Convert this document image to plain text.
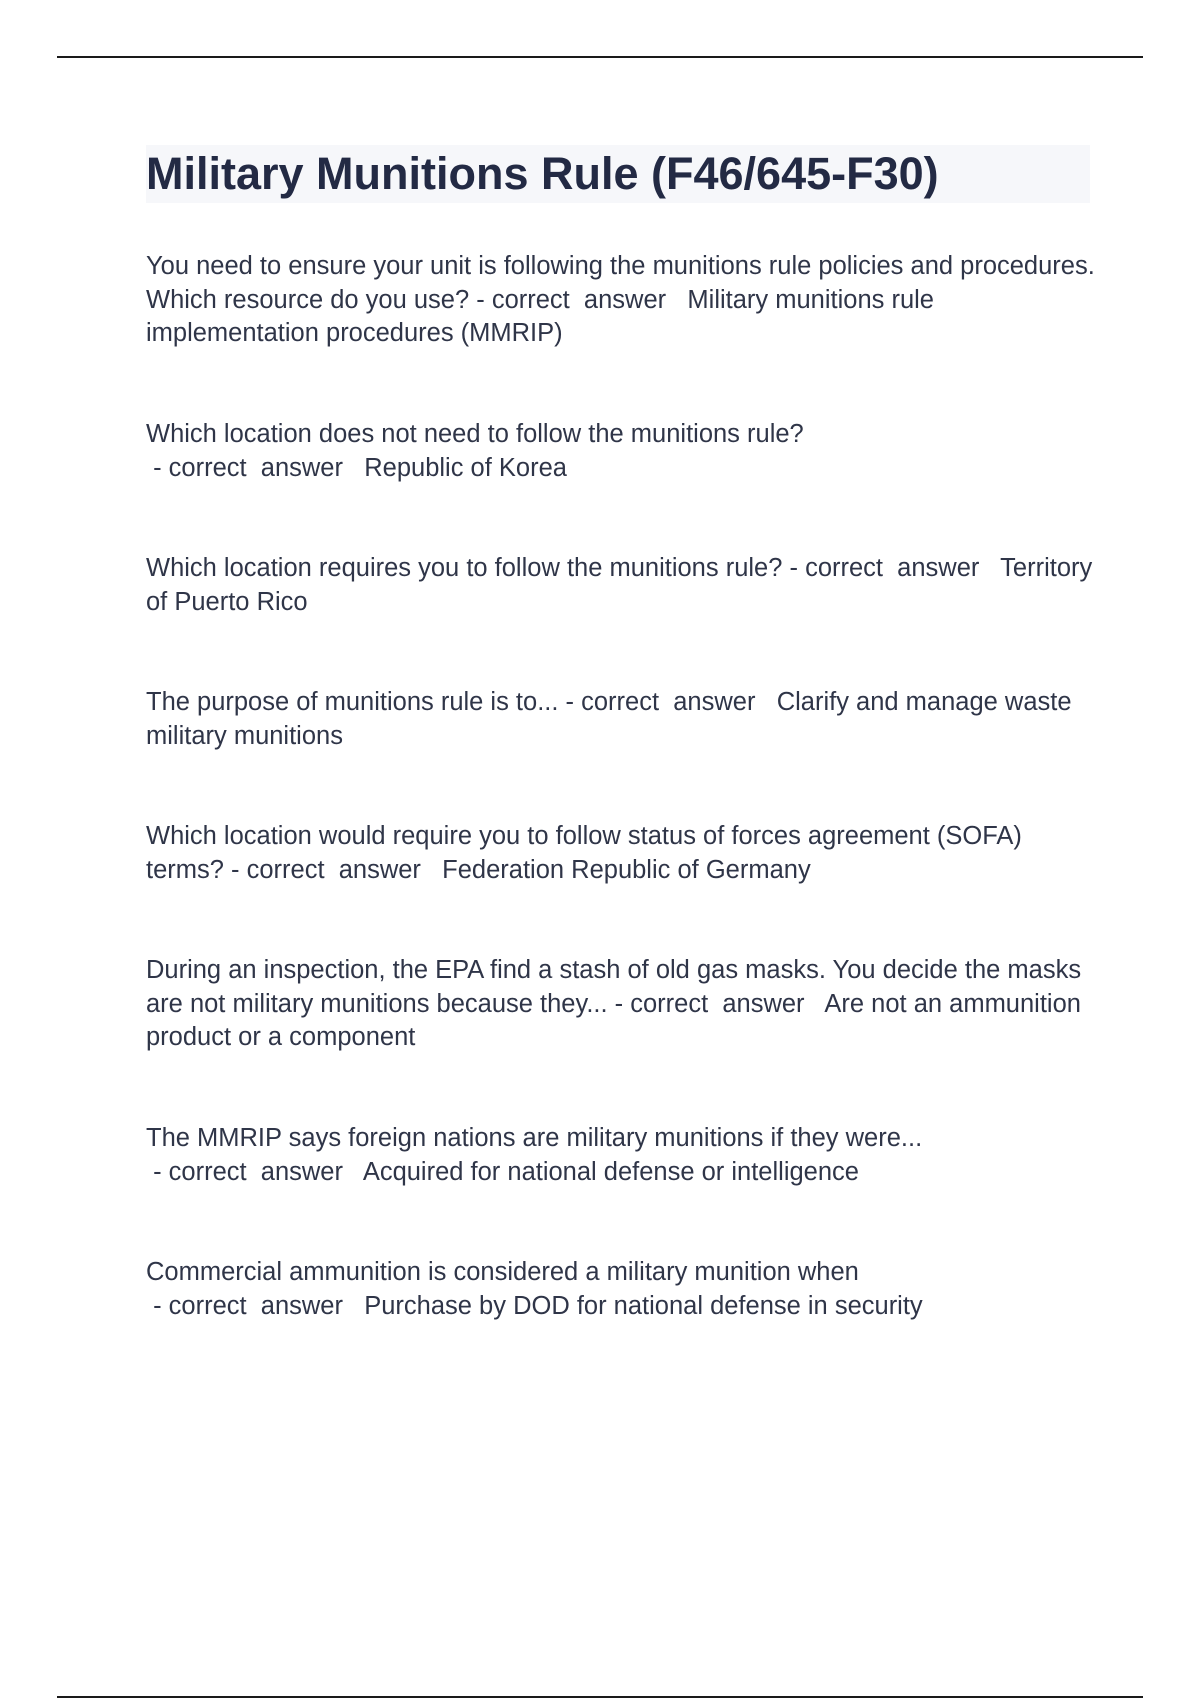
Military Munitions Rule (F46/645-F30)

You need to ensure your unit is following the munitions rule policies and procedures. Which resource do you use? - correct  answer   Military munitions rule implementation procedures (MMRIP)

Which location does not need to follow the munitions rule? - correct  answer   Republic of Korea

Which location requires you to follow the munitions rule? - correct  answer   Territory of Puerto Rico

The purpose of munitions rule is to... - correct  answer   Clarify and manage waste military munitions

Which location would require you to follow status of forces agreement (SOFA) terms? - correct  answer   Federation Republic of Germany

During an inspection, the EPA find a stash of old gas masks. You decide the masks are not military munitions because they... - correct  answer   Are not an ammunition product or a component

The MMRIP says foreign nations are military munitions if they were... - correct  answer   Acquired for national defense or intelligence

Commercial ammunition is considered a military munition when - correct  answer   Purchase by DOD for national defense in security
